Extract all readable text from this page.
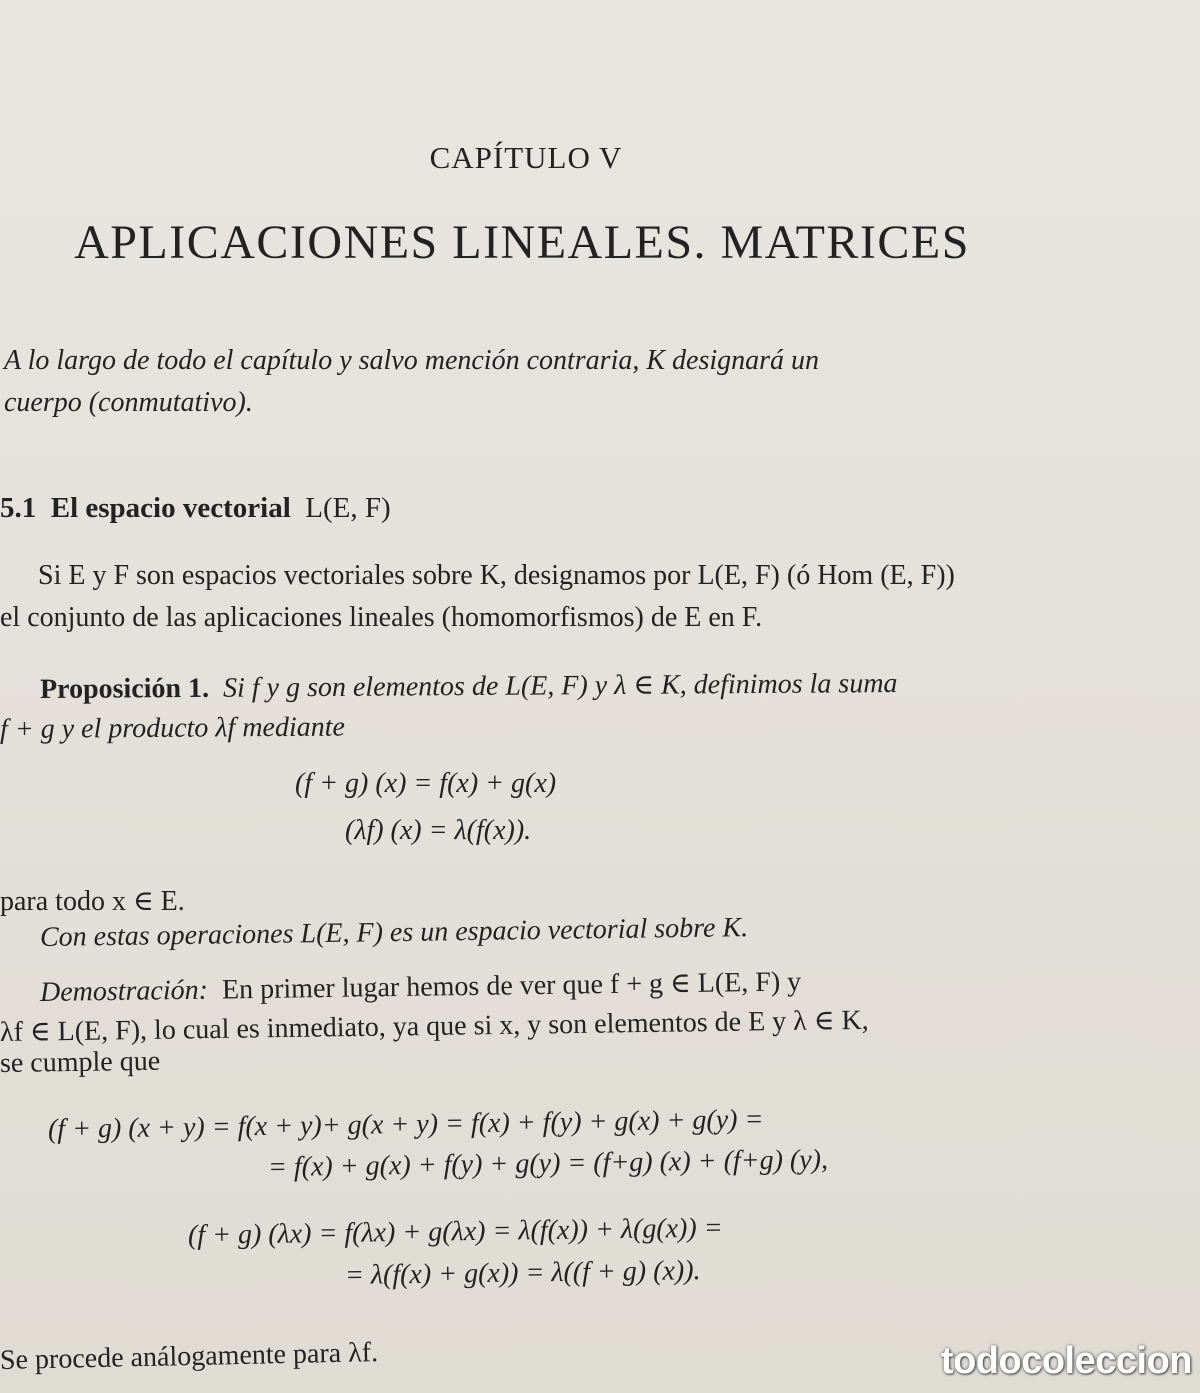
CAPÍTULO V
APLICACIONES LINEALES. MATRICES
A lo largo de todo el capítulo y salvo mención contraria, K designará un
cuerpo (conmutativo).
5.1 El espacio vectorial L(E, F)
Si E y F son espacios vectoriales sobre K, designamos por L(E, F) (ó Hom (E, F))
el conjunto de las aplicaciones lineales (homomorfismos) de E en F.
Proposición 1. Si f y g son elementos de L(E, F) y λ ∈ K, definimos la suma
f + g y el producto λf mediante
(f + g) (x) = f(x) + g(x)
(λf) (x) = λ(f(x)).
para todo x ∈ E.
Con estas operaciones L(E, F) es un espacio vectorial sobre K.
Demostración: En primer lugar hemos de ver que f + g ∈ L(E, F) y
λf ∈ L(E, F), lo cual es inmediato, ya que si x, y son elementos de E y λ ∈ K,
se cumple que
(f + g) (x + y) = f(x + y)+ g(x + y) = f(x) + f(y) + g(x) + g(y) =
= f(x) + g(x) + f(y) + g(y) = (f+g) (x) + (f+g) (y),
(f + g) (λx) = f(λx) + g(λx) = λ(f(x)) + λ(g(x)) =
= λ(f(x) + g(x)) = λ((f + g) (x)).
Se procede análogamente para λf.	todocoleccion
